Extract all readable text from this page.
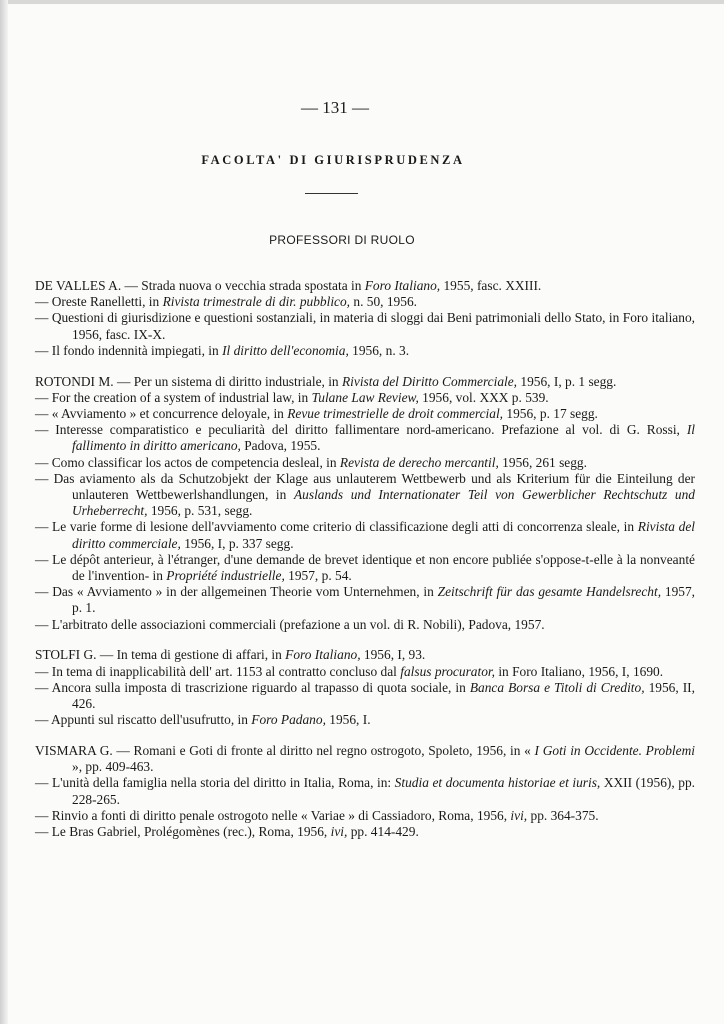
— 131 —
FACOLTA' DI GIURISPRUDENZA
PROFESSORI DI RUOLO

DE VALLES A. — Strada nuova o vecchia strada spostata in Foro Italiano, 1955, fasc. XXIII.

— Oreste Ranelletti, in Rivista trimestrale di dir. pubblico, n. 50, 1956.

— Questioni di giurisdizione e questioni sostanziali, in materia di sloggi dai Beni patrimoniali dello Stato, in Foro italiano, 1956, fasc. IX-X.

— Il fondo indennità impiegati, in Il diritto dell'economia, 1956, n. 3.

ROTONDI M. — Per un sistema di diritto industriale, in Rivista del Diritto Commerciale, 1956, I, p. 1 segg.

— For the creation of a system of industrial law, in Tulane Law Review, 1956, vol. XXX p. 539.

— « Avviamento » et concurrence deloyale, in Revue trimestrielle de droit commercial, 1956, p. 17 segg.

— Interesse comparatistico e peculiarità del diritto fallimentare nord-americano. Prefazione al vol. di G. Rossi, Il fallimento in diritto americano, Padova, 1955.

— Como classificar los actos de competencia desleal, in Revista de derecho mercantil, 1956, 261 segg.

— Das aviamento als da Schutzobjekt der Klage aus unlauterem Wettbewerb und als Kriterium für die Einteilung der unlauteren Wettbewerlshandlungen, in Auslands und Internationater Teil von Gewerblicher Rechtschutz und Urheberrecht, 1956, p. 531, segg.

— Le varie forme di lesione dell'avviamento come criterio di classificazione degli atti di concorrenza sleale, in Rivista del diritto commerciale, 1956, I, p. 337 segg.

— Le dépôt anterieur, à l'étranger, d'une demande de brevet identique et non encore publiée s'oppose-t-elle à la nonveanté de l'invention- in Propriété industrielle, 1957, p. 54.

— Das « Avviamento » in der allgemeinen Theorie vom Unternehmen, in Zeitschrift für das gesamte Handelsrecht, 1957, p. 1.

— L'arbitrato delle associazioni commerciali (prefazione a un vol. di R. Nobili), Padova, 1957.

STOLFI G. — In tema di gestione di affari, in Foro Italiano, 1956, I, 93.

— In tema di inapplicabilità dell' art. 1153 al contratto concluso dal falsus procurator, in Foro Italiano, 1956, I, 1690.

— Ancora sulla imposta di trascrizione riguardo al trapasso di quota sociale, in Banca Borsa e Titoli di Credito, 1956, II, 426.

— Appunti sul riscatto dell'usufrutto, in Foro Padano, 1956, I.

VISMARA G. — Romani e Goti di fronte al diritto nel regno ostrogoto, Spoleto, 1956, in « I Goti in Occidente. Problemi », pp. 409-463.

— L'unità della famiglia nella storia del diritto in Italia, Roma, in: Studia et documenta historiae et iuris, XXII (1956), pp. 228-265.

— Rinvio a fonti di diritto penale ostrogoto nelle « Variae » di Cassiadoro, Roma, 1956, ivi, pp. 364-375.

— Le Bras Gabriel, Prolégomènes (rec.), Roma, 1956, ivi, pp. 414-429.
